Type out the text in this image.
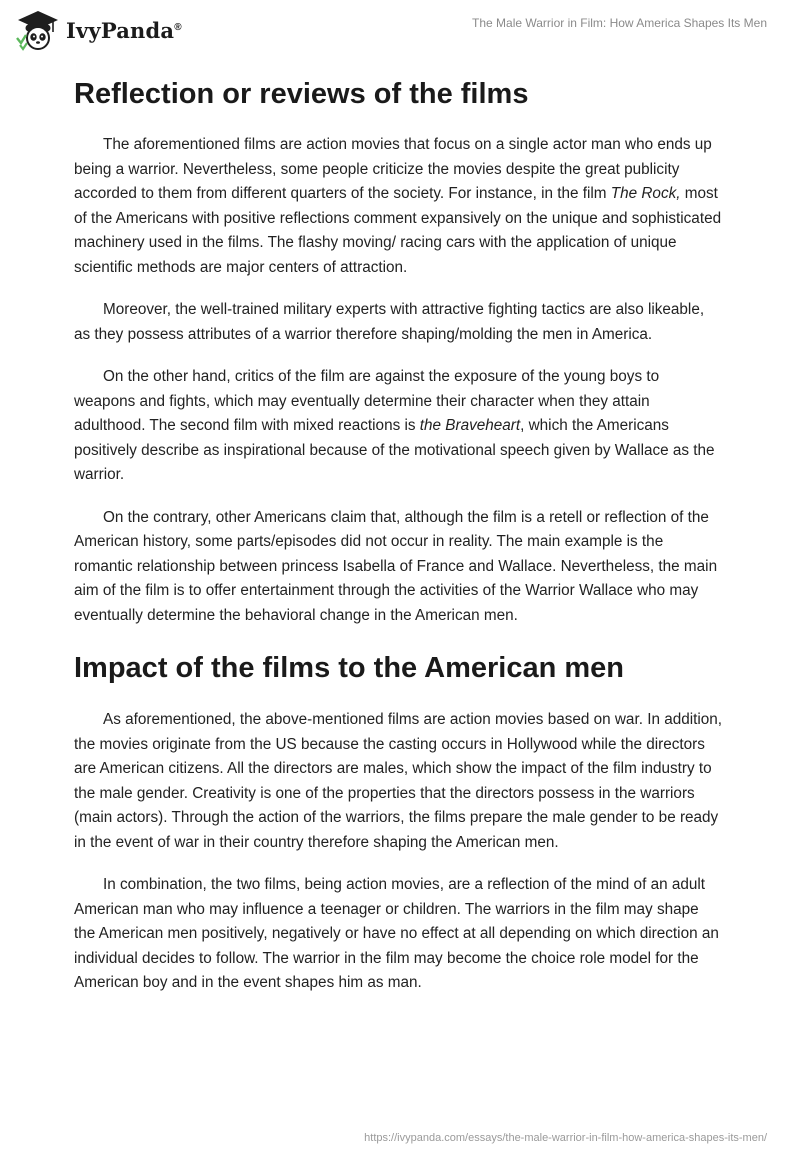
IvyPanda®	The Male Warrior in Film: How America Shapes Its Men
Reflection or reviews of the films

The aforementioned films are action movies that focus on a single actor man who ends up being a warrior. Nevertheless, some people criticize the movies despite the great publicity accorded to them from different quarters of the society. For instance, in the film The Rock, most of the Americans with positive reflections comment expansively on the unique and sophisticated machinery used in the films. The flashy moving/ racing cars with the application of unique scientific methods are major centers of attraction.

Moreover, the well-trained military experts with attractive fighting tactics are also likeable, as they possess attributes of a warrior therefore shaping/molding the men in America.

On the other hand, critics of the film are against the exposure of the young boys to weapons and fights, which may eventually determine their character when they attain adulthood. The second film with mixed reactions is the Braveheart, which the Americans positively describe as inspirational because of the motivational speech given by Wallace as the warrior.

On the contrary, other Americans claim that, although the film is a retell or reflection of the American history, some parts/episodes did not occur in reality. The main example is the romantic relationship between princess Isabella of France and Wallace. Nevertheless, the main aim of the film is to offer entertainment through the activities of the Warrior Wallace who may eventually determine the behavioral change in the American men.

Impact of the films to the American men

As aforementioned, the above-mentioned films are action movies based on war. In addition, the movies originate from the US because the casting occurs in Hollywood while the directors are American citizens. All the directors are males, which show the impact of the film industry to the male gender. Creativity is one of the properties that the directors possess in the warriors (main actors). Through the action of the warriors, the films prepare the male gender to be ready in the event of war in their country therefore shaping the American men.

In combination, the two films, being action movies, are a reflection of the mind of an adult American man who may influence a teenager or children. The warriors in the film may shape the American men positively, negatively or have no effect at all depending on which direction an individual decides to follow. The warrior in the film may become the choice role model for the American boy and in the event shapes him as man.

https://ivypanda.com/essays/the-male-warrior-in-film-how-america-shapes-its-men/
